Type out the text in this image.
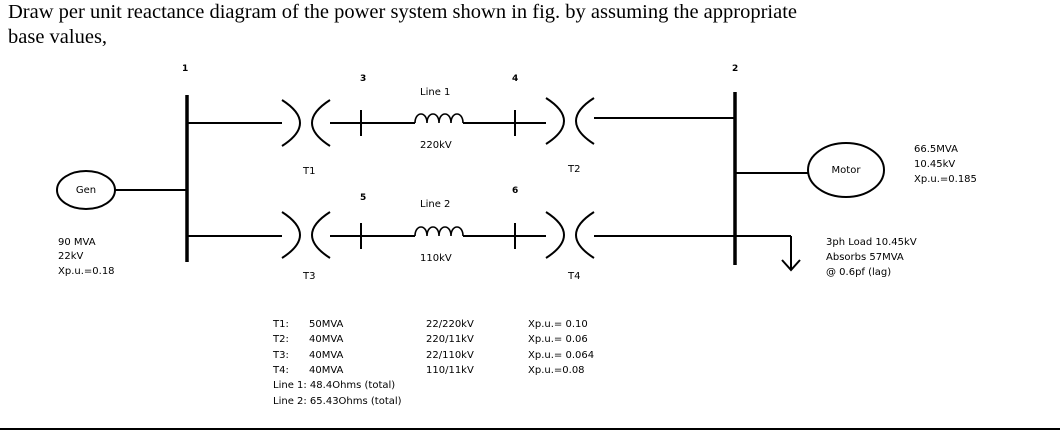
Draw per unit reactance diagram of the power system shown in fig. by assuming the appropriate
base values,
1	2
3	4
5
6
Gen
90 MVA
22kV
Xp.u.=0.18
T1
Line 1
220kV
T2
T3
Line 2
110kV
T4
Motor
66.5MVA
10.45kV
Xp.u.=0.185
3ph Load 10.45kV
Absorbs 57MVA
@ 0.6pf (lag)
T1: 50MVA	22/220kV	Xp.u.= 0.10
T2: 40MVA	220/11kV	Xp.u.= 0.06
T3: 40MVA	22/110kV	Xp.u.= 0.064
T4: 40MVA	110/11kV	Xp.u.=0.08
Line 1: 48.4Ohms (total)
Line 2: 65.43Ohms (total)
